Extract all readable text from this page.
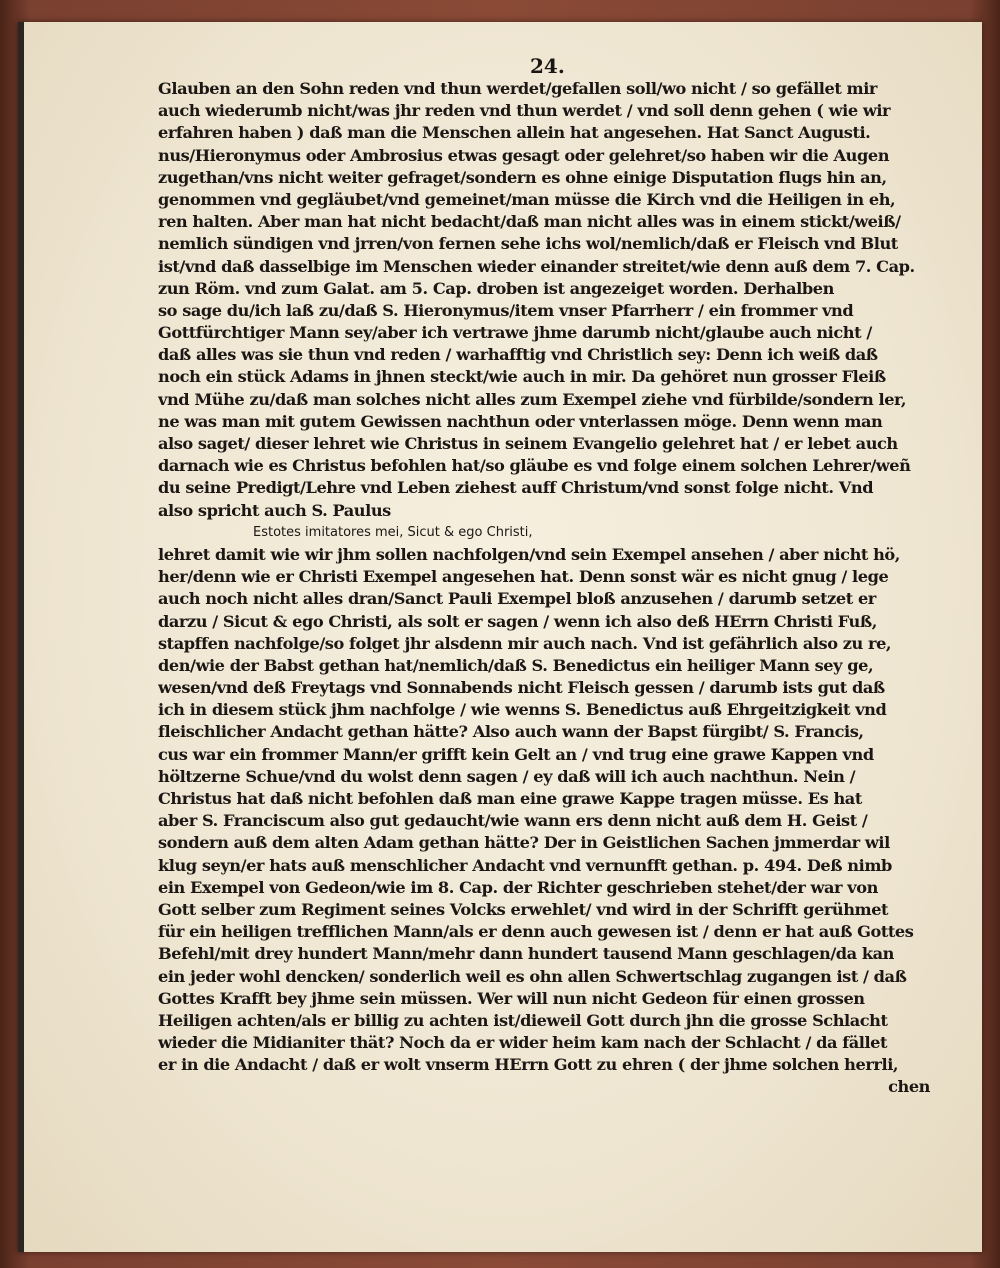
24.
Glauben an den Sohn reden vnd thun werdet/gefallen soll/wo nicht / so gefället mir
auch wiederumb nicht/was jhr reden vnd thun werdet / vnd soll denn gehen ( wie wir
erfahren haben ) daß man die Menschen allein hat angesehen. Hat Sanct Augusti.
nus/Hieronymus oder Ambrosius etwas gesagt oder gelehret/so haben wir die Augen
zugethan/vns nicht weiter gefraget/sondern es ohne einige Disputation flugs hin an,
genommen vnd gegläubet/vnd gemeinet/man müsse die Kirch vnd die Heiligen in eh,
ren halten. Aber man hat nicht bedacht/daß man nicht alles was in einem stickt/weiß/
nemlich sündigen vnd jrren/von fernen sehe ichs wol/nemlich/daß er Fleisch vnd Blut
ist/vnd daß dasselbige im Menschen wieder einander streitet/wie denn auß dem 7. Cap.
zun Röm. vnd zum Galat. am 5. Cap. droben ist angezeiget worden. Derhalben
so sage du/ich laß zu/daß S. Hieronymus/item vnser Pfarrherr / ein frommer vnd
Gottfürchtiger Mann sey/aber ich vertrawe jhme darumb nicht/glaube auch nicht /
daß alles was sie thun vnd reden / warhafftig vnd Christlich sey: Denn ich weiß daß
noch ein stück Adams in jhnen steckt/wie auch in mir. Da gehöret nun grosser Fleiß
vnd Mühe zu/daß man solches nicht alles zum Exempel ziehe vnd fürbilde/sondern ler,
ne was man mit gutem Gewissen nachthun oder vnterlassen möge. Denn wenn man
also saget/ dieser lehret wie Christus in seinem Evangelio gelehret hat / er lebet auch
darnach wie es Christus befohlen hat/so gläube es vnd folge einem solchen Lehrer/weñ
du seine Predigt/Lehre vnd Leben ziehest auff Christum/vnd sonst folge nicht. Vnd
also spricht auch S. Paulus
Estotes imitatores mei, Sicut & ego Christi,
lehret damit wie wir jhm sollen nachfolgen/vnd sein Exempel ansehen / aber nicht hö,
her/denn wie er Christi Exempel angesehen hat. Denn sonst wär es nicht gnug / lege
auch noch nicht alles dran/Sanct Pauli Exempel bloß anzusehen / darumb setzet er
darzu / Sicut & ego Christi, als solt er sagen / wenn ich also deß HErrn Christi Fuß,
stapffen nachfolge/so folget jhr alsdenn mir auch nach. Vnd ist gefährlich also zu re,
den/wie der Babst gethan hat/nemlich/daß S. Benedictus ein heiliger Mann sey ge,
wesen/vnd deß Freytags vnd Sonnabends nicht Fleisch gessen / darumb ists gut daß
ich in diesem stück jhm nachfolge / wie wenns S. Benedictus auß Ehrgeitzigkeit vnd
fleischlicher Andacht gethan hätte? Also auch wann der Bapst fürgibt/ S. Francis,
cus war ein frommer Mann/er grifft kein Gelt an / vnd trug eine grawe Kappen vnd
höltzerne Schue/vnd du wolst denn sagen / ey daß will ich auch nachthun. Nein /
Christus hat daß nicht befohlen daß man eine grawe Kappe tragen müsse. Es hat
aber S. Franciscum also gut gedaucht/wie wann ers denn nicht auß dem H. Geist /
sondern auß dem alten Adam gethan hätte? Der in Geistlichen Sachen jmmerdar wil
klug seyn/er hats auß menschlicher Andacht vnd vernunfft gethan. p. 494. Deß nimb
ein Exempel von Gedeon/wie im 8. Cap. der Richter geschrieben stehet/der war von
Gott selber zum Regiment seines Volcks erwehlet/ vnd wird in der Schrifft gerühmet
für ein heiligen trefflichen Mann/als er denn auch gewesen ist / denn er hat auß Gottes
Befehl/mit drey hundert Mann/mehr dann hundert tausend Mann geschlagen/da kan
ein jeder wohl dencken/ sonderlich weil es ohn allen Schwertschlag zugangen ist / daß
Gottes Krafft bey jhme sein müssen. Wer will nun nicht Gedeon für einen grossen
Heiligen achten/als er billig zu achten ist/dieweil Gott durch jhn die grosse Schlacht
wieder die Midianiter thät? Noch da er wider heim kam nach der Schlacht / da fället
er in die Andacht / daß er wolt vnserm HErrn Gott zu ehren ( der jhme solchen herrli,
chen
